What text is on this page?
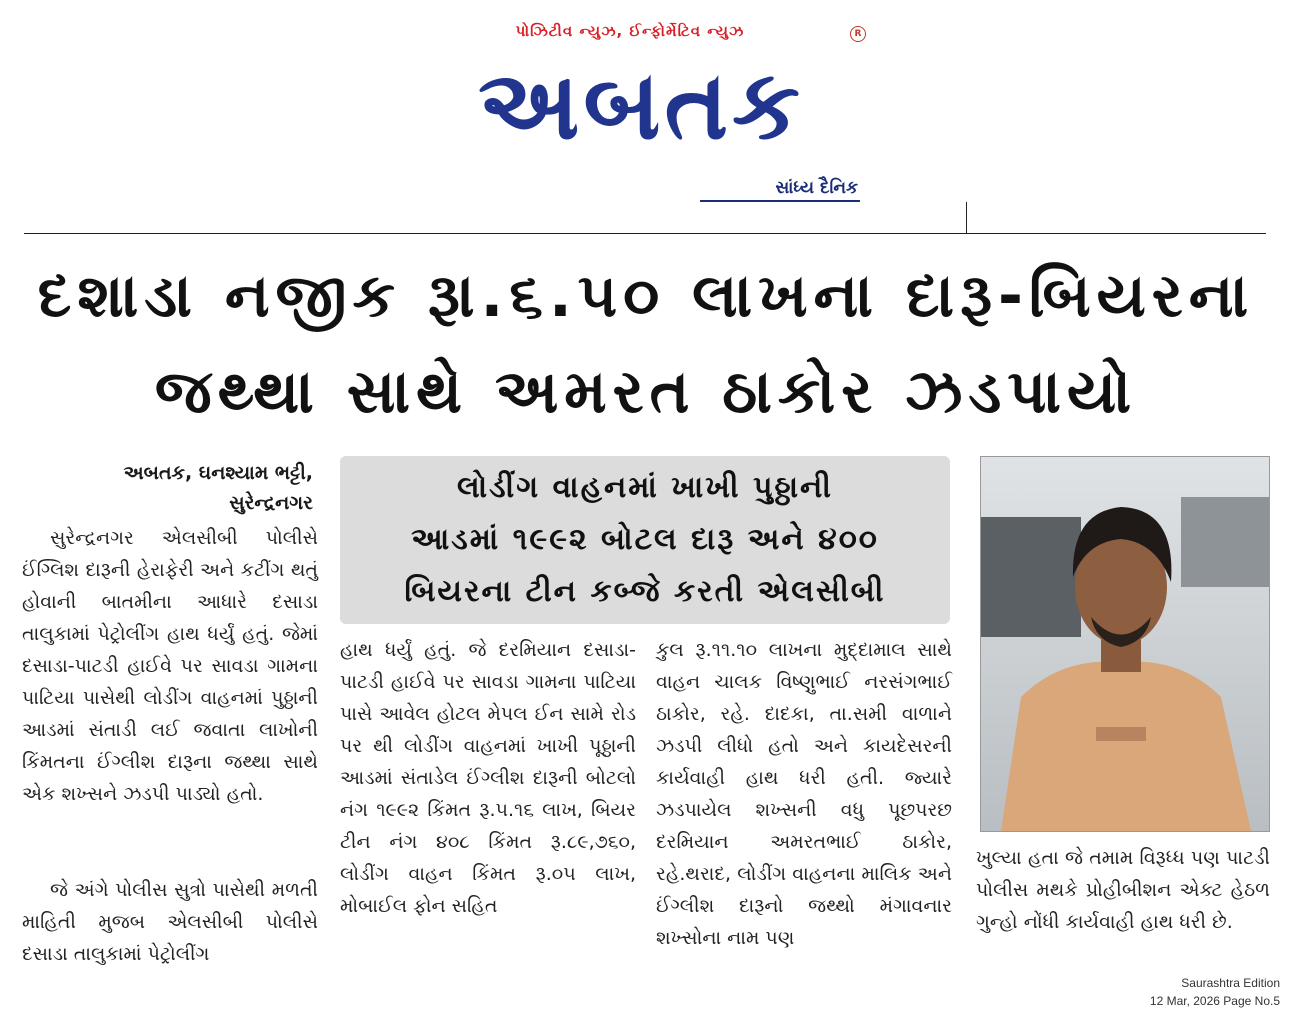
પોઝિટીવ ન્યુઝ, ઈન્ફોર્મેટિવ ન્યુઝ	R
અબતક
સાંધ્ય દૈનિક
દશાડા નજીક રૂા.૬.૫૦ લાખના દારૂ-બિયરના
જથ્થા સાથે અમરત ઠાકોર ઝડપાયો
અબતક, ઘનશ્યામ ભટ્ટી,
સુરેન્દ્રનગર	લોડીંગ વાહનમાં ખાખી પુઠ્ઠાની
આડમાં ૧૯૯૨ બોટલ દારૂ અને ૪૦૦
બિયરના ટીન કબ્જે કરતી એલસીબી
સુરેન્દ્રનગર એલસીબી પોલીસે ઈંગ્લિશ દારૂની હેરાફેરી અને કટીંગ થતું હોવાની બાતમીના આધારે દસાડા તાલુકામાં પેટ્રોલીંગ હાથ ધર્યું હતું. જેમાં દસાડા-પાટડી હાઈવે પર સાવડા ગામના પાટિયા પાસેથી લોડીંગ વાહનમાં પુઠ્ઠાની આડમાં સંતાડી લઈ જવાતા લાખોની કિંમતના ઈંગ્લીશ દારૂના જથ્થા સાથે એક શખ્સને ઝડપી પાડ્યો હતો.
જે અંગે પોલીસ સુત્રો પાસેથી મળતી માહિતી મુજબ એલસીબી પોલીસે દસાડા તાલુકામાં પેટ્રોલીંગ
હાથ ધર્યું હતું. જે દરમિયાન દસાડા-પાટડી હાઈવે પર સાવડા ગામના પાટિયા પાસે આવેલ હોટલ મેપલ ઈન સામે રોડ પર થી લોડીંગ વાહનમાં ખાખી પૂઠ્ઠાની આડમાં સંતાડેલ ઈંગ્લીશ દારૂની બોટલો નંગ ૧૯૯૨ કિંમત રૂ.૫.૧૬ લાખ, બિયર ટીન નંગ ૪૦૮ કિંમત રૂ.૮૯,૭૬૦, લોડીંગ વાહન કિંમત રૂ.૦૫ લાખ, મોબાઈલ ફોન સહિત
કુલ રૂ.૧૧.૧૦ લાખના મુદ્દામાલ સાથે વાહન ચાલક વિષ્ણુભાઈ નરસંગભાઈ ઠાકોર, રહે. દાદકા, તા.સમી વાળાને ઝડપી લીધો હતો અને કાયદેસરની કાર્યવાહી હાથ ધરી હતી. જ્યારે ઝડપાયેલ શખ્સની વધુ પૂછપરછ દરમિયાન અમરતભાઈ ઠાકોર, રહે.થરાદ, લોડીંગ વાહનના માલિક અને ઈંગ્લીશ દારૂનો જથ્થો મંગાવનાર શખ્સોના નામ પણ
ખુલ્યા હતા જે તમામ વિરૂધ્ધ પણ પાટડી પોલીસ મથકે પ્રોહીબીશન એક્ટ હેઠળ ગુન્હો નોંધી કાર્યવાહી હાથ ધરી છે.
Saurashtra Edition
12 Mar, 2026 Page No.5
